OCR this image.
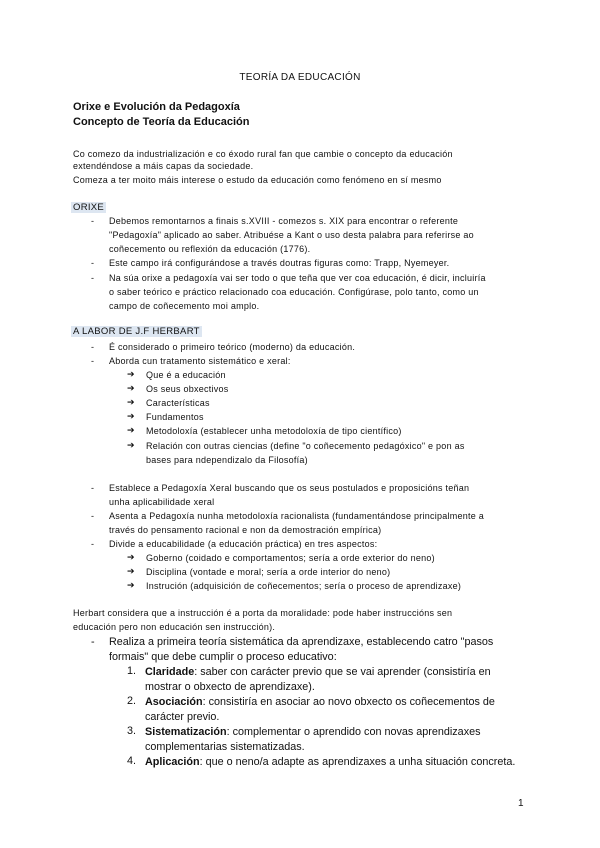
TEORÍA DA EDUCACIÓN
Orixe e Evolución da Pedagoxía
Concepto de Teoría da Educación
Co comezo da industrialización e co éxodo rural fan que cambie o concepto da educación
extendéndose a máis capas da sociedade.
Comeza a ter moito máis interese o estudo da educación como fenómeno en sí mesmo
ORIXE
- Debemos remontarnos a finais s.XVIII - comezos s. XIX para encontrar o referente
"Pedagoxía" aplicado ao saber. Atribuése a Kant o uso desta palabra para referirse ao
coñecemento ou reflexión da educación (1776).
- Este campo irá configurándose a través doutras figuras como: Trapp, Nyemeyer.
- Na súa orixe a pedagoxía vai ser todo o que teña que ver coa educación, é dicir, incluiría
o saber teórico e práctico relacionado coa educación. Configúrase, polo tanto, como un
campo de coñecemento moi amplo.
A LABOR DE J.F HERBART
- É considerado o primeiro teórico (moderno) da educación.
- Aborda cun tratamento sistemático e xeral:
➔ Que é a educación
➔ Os seus obxectivos
➔ Características
➔ Fundamentos
➔ Metodoloxía (establecer unha metodoloxía de tipo científico)
➔ Relación con outras ciencias (define "o coñecemento pedagóxico" e pon as
bases para ndependizalo da Filosofía)
- Establece a Pedagoxía Xeral buscando que os seus postulados e proposicións teñan
unha aplicabilidade xeral
- Asenta a Pedagoxía nunha metodoloxía racionalista (fundamentándose principalmente a
través do pensamento racional e non da demostración empírica)
- Divide a educabilidade (a educación práctica) en tres aspectos:
➔ Goberno (coidado e comportamentos; sería a orde exterior do neno)
➔ Disciplina (vontade e moral; sería a orde interior do neno)
➔ Instrución (adquisición de coñecementos; sería o proceso de aprendizaxe)
Herbart considera que a instrucción é a porta da moralidade: pode haber instruccións sen
educación pero non educación sen instrucción).
- Realiza a primeira teoría sistemática da aprendizaxe, establecendo catro "pasos
formais" que debe cumplir o proceso educativo:
1. Claridade: saber con carácter previo que se vai aprender (consistiría en
mostrar o obxecto de aprendizaxe).
2. Asociación: consistiría en asociar ao novo obxecto os coñecementos de
carácter previo.
3. Sistematización: complementar o aprendido con novas aprendizaxes
complementarias sistematizadas.
4. Aplicación: que o neno/a adapte as aprendizaxes a unha situación concreta.
1
